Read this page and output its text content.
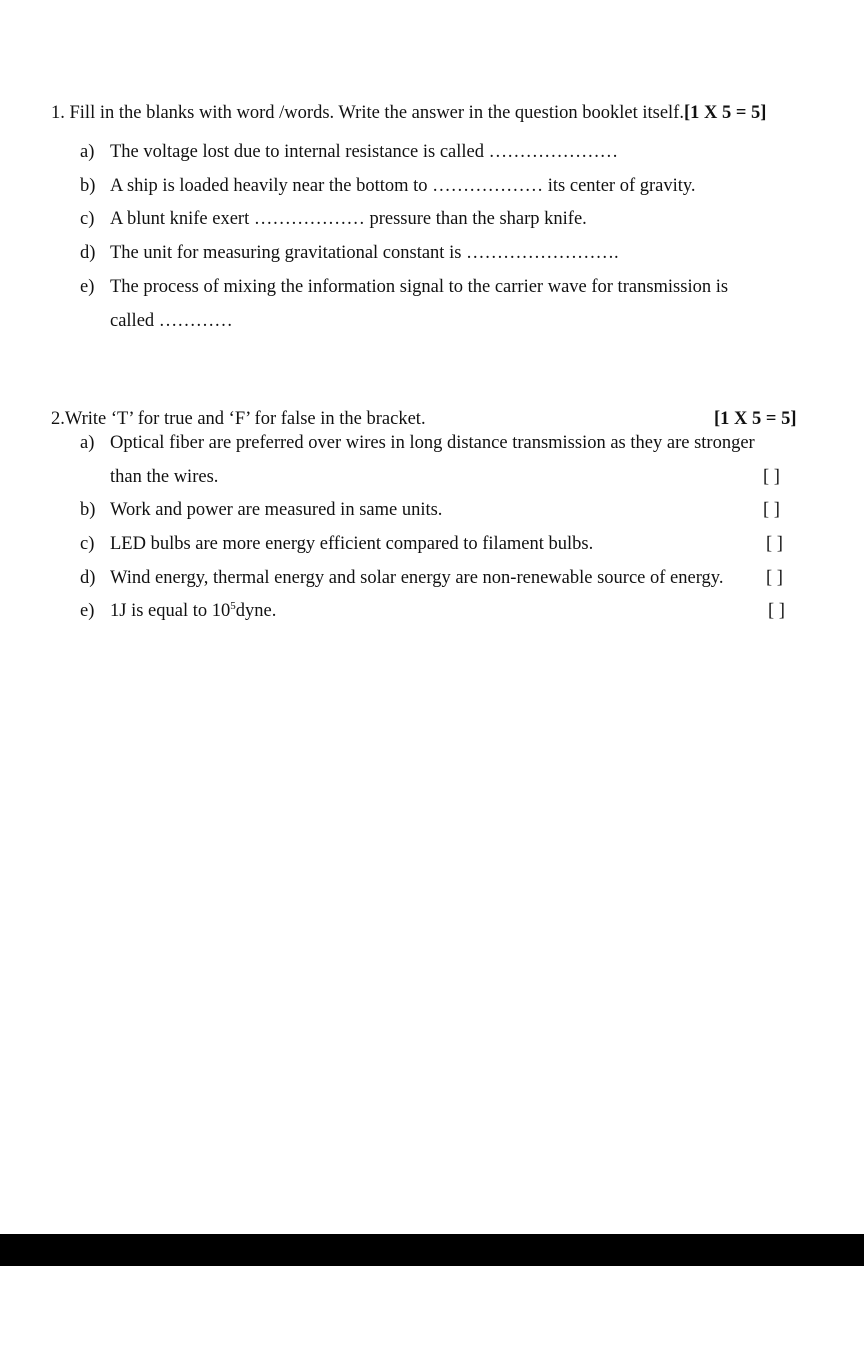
1. Fill in the blanks with word /words. Write the answer in the question booklet itself.[1 X 5 = 5]
a) The voltage lost due to internal resistance is called …………………
b) A ship is loaded heavily near the bottom to ……………… its center of gravity.
c) A blunt knife exert ……………… pressure than the sharp knife.
d) The unit for measuring gravitational constant is …………………….
e) The process of mixing the information signal to the carrier wave for transmission is
called …………
2.Write ‘T’ for true and ‘F’ for false in the bracket.	[1 X 5 = 5]
a) Optical fiber are preferred over wires in long distance transmission as they are stronger
than the wires.	[ ]
b) Work and power are measured in same units.	[ ]
c) LED bulbs are more energy efficient compared to filament bulbs.	[ ]
d) Wind energy, thermal energy and solar energy are non-renewable source of energy. [ ]
e) 1J is equal to $10^5dyne$.	[ ]
